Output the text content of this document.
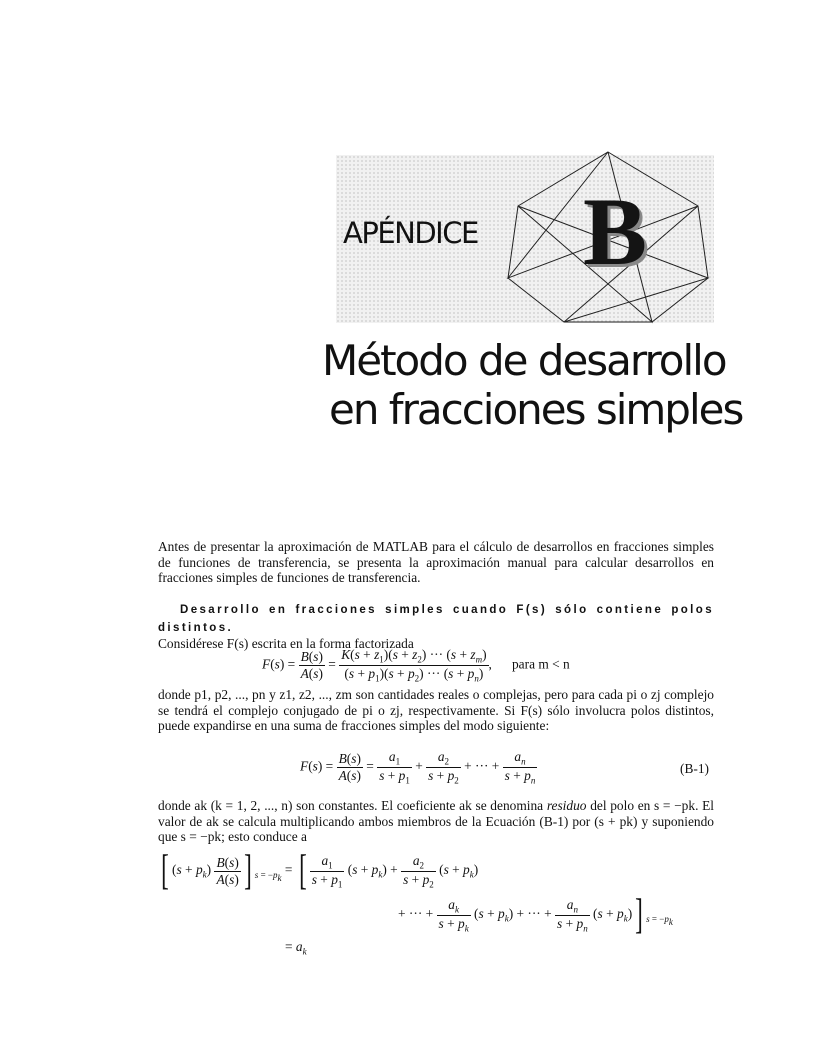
APÉNDICE B
Método de desarrollo
en fracciones simples
Antes de presentar la aproximación de MATLAB para el cálculo de desarrollos en fracciones simples de funciones de transferencia, se presenta la aproximación manual para calcular desarrollos en fracciones simples de funciones de transferencia.
Desarrollo en fracciones simples cuando F(s) sólo contiene polos distintos.
Considérese F(s) escrita en la forma factorizada
$F(s) = \frac{B(s)}{A(s)} = \frac{K(s + z_1)(s + z_2) \cdot\cdot\cdot (s + z_m)}{(s + p_1)(s + p_2) \cdot\cdot\cdot (s + p_n)}$ ,      para m < n
donde p1, p2, ..., pn y z1, z2, ..., zm son cantidades reales o complejas, pero para cada pi o zj complejo se tendrá el complejo conjugado de pi o zj, respectivamente. Si F(s) sólo involucra polos distintos, puede expandirse en una suma de fracciones simples del modo siguiente:
$F(s) = \frac{B(s)}{A(s)} = \frac{a_1}{s + p_1} + \frac{a_2}{s + p_2}$ + ··· + $\frac{a_n}{s + p_n}$	(B-1)
donde ak (k = 1, 2, ..., n) son constantes. El coeficiente ak se denomina residuo del polo en s = −pk. El valor de ak se calcula multiplicando ambos miembros de la Ecuación (B-1) por (s + pk) y suponiendo que s = −pk; esto conduce a
[ $(s + p_k) \frac{B(s)}{A(s)}$ ] $_{s = -p_k}$ = [ $\frac{a_1}{s + p_1} (s + p_k) + \frac{a_2}{s + p_2} (s + p_k)$
+ ··· + $\frac{a_k}{s + p_k} (s + p_k)$ + ··· + $\frac{a_n}{s + p_n} (s + p_k)$] $_{s = -p_k}$
= $a_k$
